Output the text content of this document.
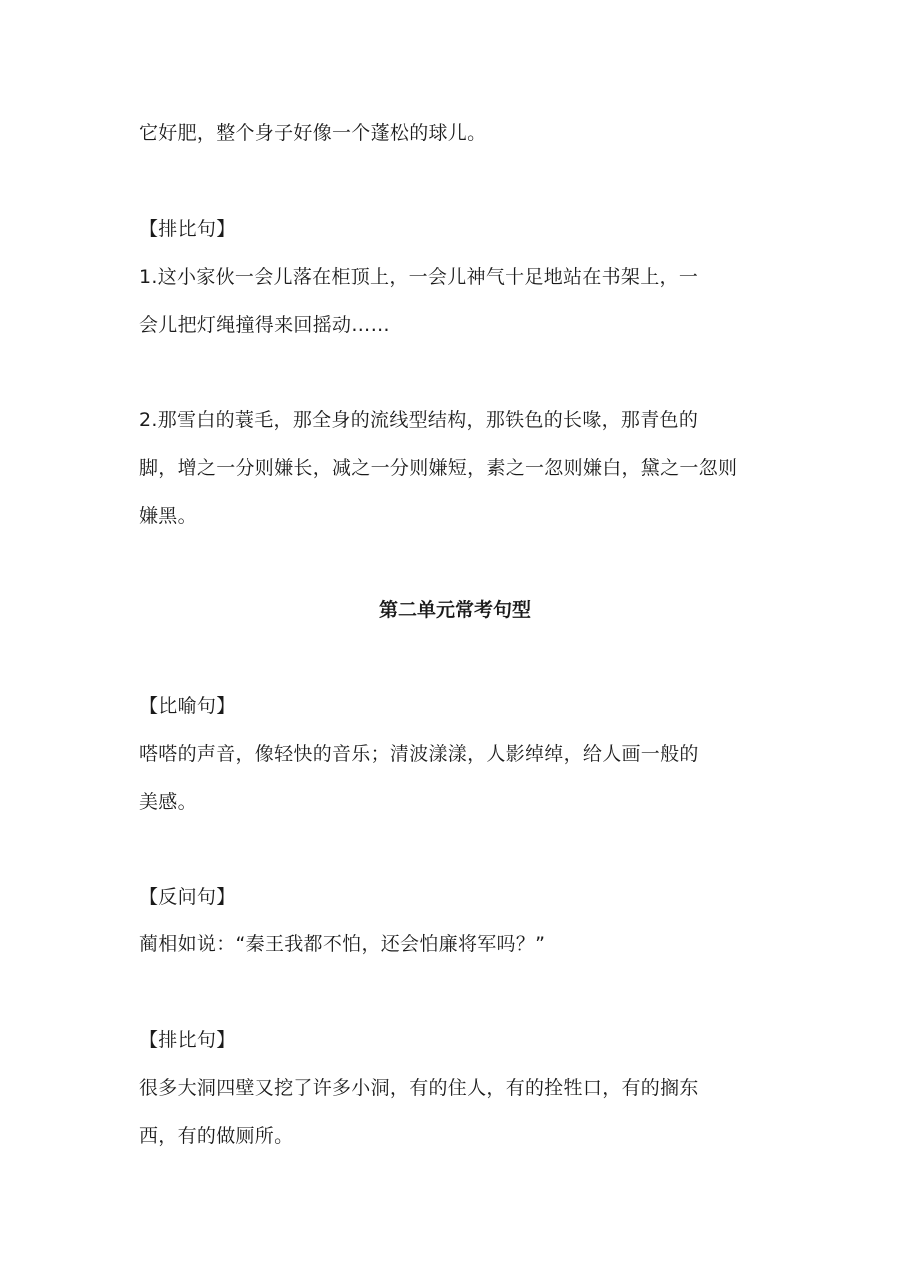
它好肥，整个身子好像一个蓬松的球儿。
【排比句】
1.这小家伙一会儿落在柜顶上，一会儿神气十足地站在书架上，一
会儿把灯绳撞得来回摇动……
2.那雪白的蓑毛，那全身的流线型结构，那铁色的长喙，那青色的
脚，增之一分则嫌长，减之一分则嫌短，素之一忽则嫌白，黛之一忽则
嫌黑。
第二单元常考句型
【比喻句】
嗒嗒的声音，像轻快的音乐；清波漾漾，人影绰绰，给人画一般的
美感。
【反问句】
蔺相如说：“秦王我都不怕，还会怕廉将军吗？”
【排比句】
很多大洞四壁又挖了许多小洞，有的住人，有的拴牲口，有的搁东
西，有的做厕所。
